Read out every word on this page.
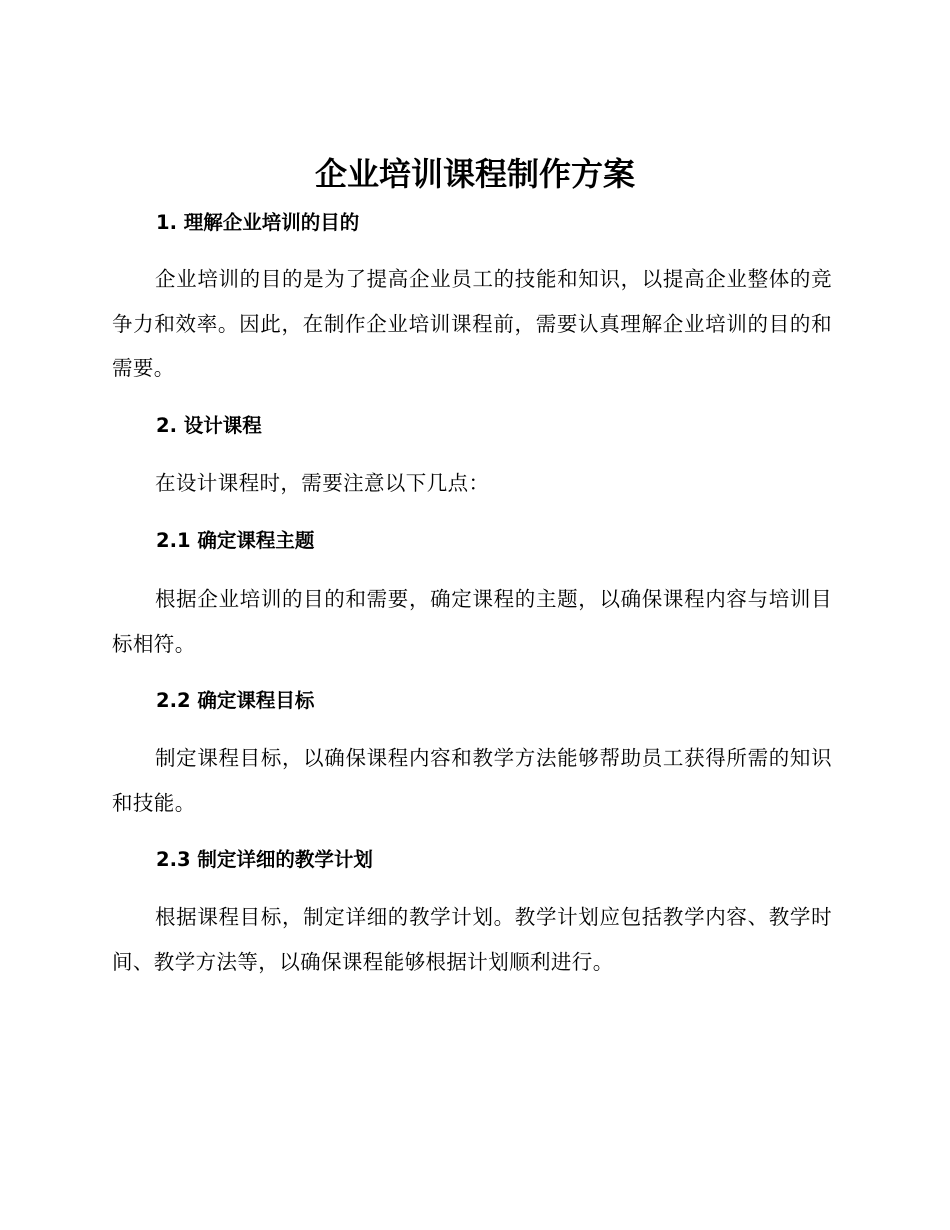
企业培训课程制作方案
1. 理解企业培训的目的
企业培训的目的是为了提高企业员工的技能和知识，以提高企业整体的竞争力和效率。因此，在制作企业培训课程前，需要认真理解企业培训的目的和需要。
2. 设计课程
在设计课程时，需要注意以下几点：
2.1 确定课程主题
根据企业培训的目的和需要，确定课程的主题，以确保课程内容与培训目标相符。
2.2 确定课程目标
制定课程目标，以确保课程内容和教学方法能够帮助员工获得所需的知识和技能。
2.3 制定详细的教学计划
根据课程目标，制定详细的教学计划。教学计划应包括教学内容、教学时间、教学方法等，以确保课程能够根据计划顺利进行。
